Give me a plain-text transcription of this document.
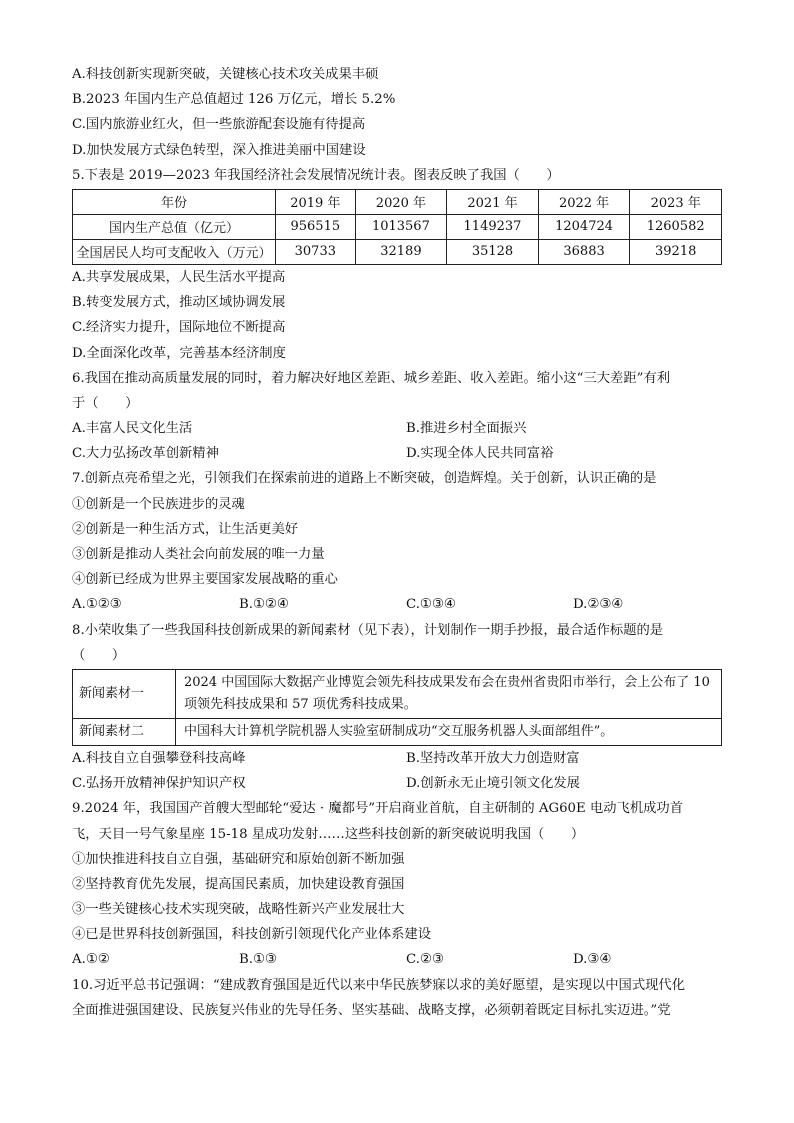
A.科技创新实现新突破，关键核心技术攻关成果丰硕
B.2023 年国内生产总值超过 126 万亿元，增长 5.2%
C.国内旅游业红火，但一些旅游配套设施有待提高
D.加快发展方式绿色转型，深入推进美丽中国建设
5.下表是 2019—2023 年我国经济社会发展情况统计表。图表反映了我国（　　）
年份	2019 年	2020 年	2021 年	2022 年	2023 年
国内生产总值（亿元）	956515	1013567	1149237	1204724	1260582
全国居民人均可支配收入（万元）	30733	32189	35128	36883	39218
A.共享发展成果，人民生活水平提高
B.转变发展方式，推动区域协调发展
C.经济实力提升，国际地位不断提高
D.全面深化改革，完善基本经济制度
6.我国在推动高质量发展的同时，着力解决好地区差距、城乡差距、收入差距。缩小这“三大差距”有利
于（　　）
A.丰富人民文化生活	B.推进乡村全面振兴
C.大力弘扬改革创新精神	D.实现全体人民共同富裕
7.创新点亮希望之光，引领我们在探索前进的道路上不断突破，创造辉煌。关于创新，认识正确的是
①创新是一个民族进步的灵魂
②创新是一种生活方式，让生活更美好
③创新是推动人类社会向前发展的唯一力量
④创新已经成为世界主要国家发展战略的重心
A.①②③	B.①②④	C.①③④	D.②③④
8.小荣收集了一些我国科技创新成果的新闻素材（见下表），计划制作一期手抄报，最合适作标题的是
（　　）
新闻素材一	2024 中国国际大数据产业博览会领先科技成果发布会在贵州省贵阳市举行，会上公布了 10 项领先科技成果和 57 项优秀科技成果。
新闻素材二	中国科大计算机学院机器人实验室研制成功“交互服务机器人头面部组件”。
A.科技自立自强攀登科技高峰	B.坚持改革开放大力创造财富
C.弘扬开放精神保护知识产权	D.创新永无止境引领文化发展
9.2024 年，我国国产首艘大型邮轮“爱达 · 魔都号”开启商业首航，自主研制的 AG60E 电动飞机成功首
飞，天目一号气象星座 15-18 星成功发射……这些科技创新的新突破说明我国（　　）
①加快推进科技自立自强，基础研究和原始创新不断加强
②坚持教育优先发展，提高国民素质，加快建设教育强国
③一些关键核心技术实现突破，战略性新兴产业发展壮大
④已是世界科技创新强国，科技创新引领现代化产业体系建设
A.①②	B.①③	C.②③	D.③④
10.习近平总书记强调：“建成教育强国是近代以来中华民族梦寐以求的美好愿望，是实现以中国式现代化
全面推进强国建设、民族复兴伟业的先导任务、坚实基础、战略支撑，必须朝着既定目标扎实迈进。”党
